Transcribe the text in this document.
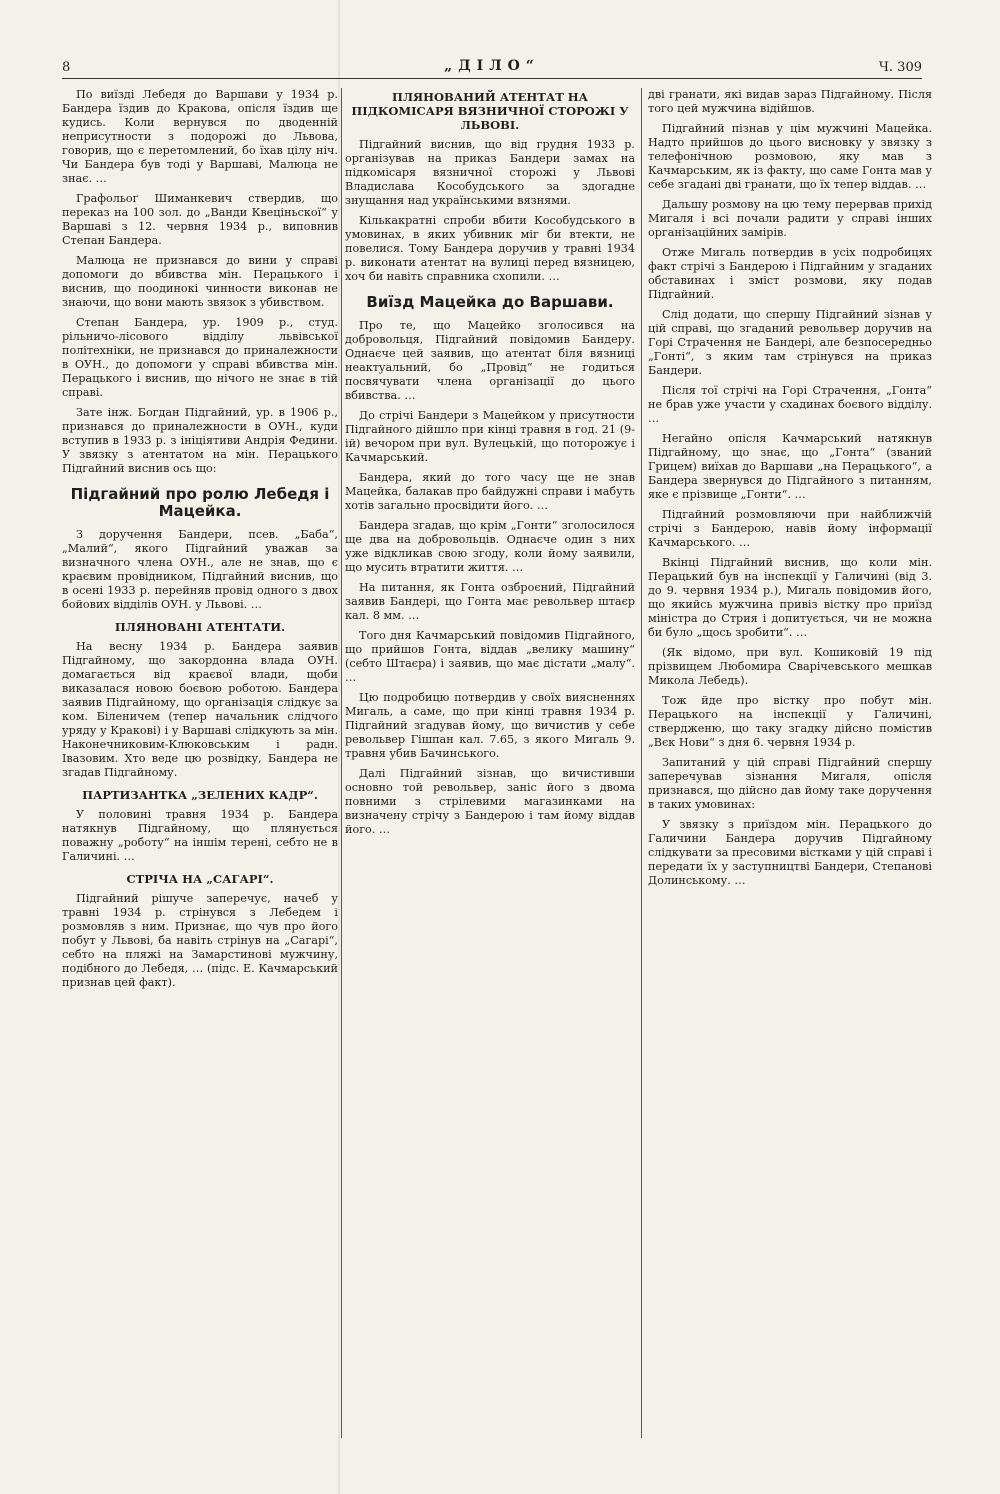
8	„ДІЛО“	Ч. 309

По виїзді Лебедя до Варшави у 1934 р. Бандера їздив до Кракова, опісля їздив ще кудись. Коли вернувся по дводенній неприсутности з подорожі до Львова, говорив, що є перетомлений, бо їхав цілу ніч. Чи Бандера був тоді у Варшаві, Малюца не знає. …

Графольоґ Шиманкевич ствердив, що переказ на 100 зол. до „Ванди Квеціньскої“ у Варшаві з 12. червня 1934 р., виповнив Степан Бандера.

Малюца не признався до вини у справі допомоги до вбивства мін. Перацького і виснив, що поодинокі чинности виконав не знаючи, що вони мають звязок з убивством.

Степан Бандера, ур. 1909 р., студ. рільничо-лісового відділу львівської політехніки, не признався до приналежности в ОУН., до допомоги у справі вбивства мін. Перацького і виснив, що нічого не знає в тій справі.

Зате інж. Богдан Підгайний, ур. в 1906 р., признався до приналежности в ОУН., куди вступив в 1933 р. з ініціятиви Андрія Федини. У звязку з атентатом на мін. Перацького Підгайний виснив ось що:

Підгайний про ролю Лебедя і Мацейка.

З доручення Бандери, псев. „Баба“, „Малий“, якого Підгайний уважав за визначного члена ОУН., але не знав, що є краєвим провідником, Підгайний виснив, що в осені 1933 р. перейняв провід одного з двох бойових відділів ОУН. у Львові. …

ПЛЯНОВАНІ АТЕНТАТИ.

На весну 1934 р. Бандера заявив Підгайному, що закордонна влада ОУН. домагається від краєвої влади, щоби виказалася новою боєвою роботою. Бандера заявив Підгайному, що організація слідкує за ком. Біленичем (тепер начальник слідчого уряду у Кракові) і у Варшаві слідкують за мін. Наконечниковим-Клюковським і радн. Івазовим. Хто веде цю розвідку, Бандера не згадав Підгайному.

ПАРТИЗАНТКА „ЗЕЛЕНИХ КАДР“.

У половині травня 1934 р. Бандера натякнув Підгайному, що плянується поважну „роботу“ на іншім терені, себто не в Галичині. …

СТРІЧА НА „САГАРІ“.

Підгайний рішуче заперечує, начеб у травні 1934 р. стрінувся з Лебедем і розмовляв з ним. Признає, що чув про його побут у Львові, ба навіть стрінув на „Сагарі“, себто на пляжі на Замарстинові мужчину, подібного до Лебедя, … (підс. Е. Качмарський признав цей факт).

ПЛЯНОВАНИЙ АТЕНТАТ НА ПІДКОМІСАРЯ ВЯЗНИЧНОЇ СТОРОЖІ У ЛЬВОВІ.

Підгайний виснив, що від грудня 1933 р. організував на приказ Бандери замах на підкомісаря вязничної сторожі у Львові Владислава Кособудського за здогадне знущання над українськими вязнями.

Кількакратні спроби вбити Кособудського в умовинах, в яких убивник міг би втекти, не повелися. Тому Бандера доручив у травні 1934 р. виконати атентат на вулиці перед вязницею, хоч би навіть справника схопили. …

Виїзд Мацейка до Варшави.

Про те, що Мацейко зголосився на добровольця, Підгайний повідомив Бандеру. Однаєче цей заявив, що атентат біля вязниці неактуальний, бо „Провід“ не годиться посвячувати члена організації до цього вбивства. …

До стрічі Бандери з Мацейком у присутности Підгайного дійшло при кінці травня в год. 21 (9-ій) вечором при вул. Вулецькій, що поторожує і Качмарський.

Бандера, який до того часу ще не знав Мацейка, балакав про байдужні справи і мабуть хотів загально просвідити його. …

Бандера згадав, що крім „Гонти“ зголосилося ще два на добровольців. Однаєче один з них уже відкликав свою згоду, коли йому заявили, що мусить втратити життя. …

На питання, як Гонта озброєний, Підгайний заявив Бандері, що Гонта має револьвер штаєр кал. 8 мм. …

Того дня Качмарський повідомив Підгайного, що прийшов Гонта, віддав „велику машину“ (себто Штаєра) і заявив, що має дістати „малу“. …

Цю подробицю потвердив у своїх виясненнях Мигаль, а саме, що при кінці травня 1934 р. Підгайний згадував йому, що вичистив у себе револьвер Гішпан кал. 7.65, з якого Мигаль 9. травня убив Бачинського.

Далі Підгайний зізнав, що вичистивши основно той револьвер, заніс його з двома повними з стрілевими магазинками на визначену стрічу з Бандерою і там йому віддав його. …

дві гранати, які видав зараз Підгайному. Після того цей мужчина відійшов.

Підгайний пізнав у цім мужчині Мацейка. Надто прийшов до цього висновку у звязку з телефонічною розмовою, яку мав з Качмарським, як із факту, що саме Гонта мав у себе згадані дві гранати, що їх тепер віддав. …

Дальшу розмову на цю тему перервав прихід Мигаля і всі почали радити у справі інших організаційних замірів.

Отже Мигаль потвердив в усіх подробицях факт стрічі з Бандерою і Підгайним у згаданих обставинах і зміст розмови, яку подав Підгайний.

Слід додати, що спершу Підгайний зізнав у цій справі, що згаданий револьвер доручив на Горі Страчення не Бандері, але безпосередньо „Гонті“, з яким там стрінувся на приказ Бандери.

Після тої стрічі на Горі Страчення, „Гонта“ не брав уже участи у схадинах боєвого відділу. …

Негайно опісля Качмарський натякнув Підгайному, що знає, що „Гонта“ (званий Грицем) виїхав до Варшави „на Перацького“, а Бандера звернувся до Підгайного з питанням, яке є прізвище „Гонти“. …

Підгайний розмовляючи при найближчій стрічі з Бандерою, навів йому інформації Качмарського. …

Вкінці Підгайний виснив, що коли мін. Перацький був на інспекції у Галичині (від 3. до 9. червня 1934 р.), Мигаль повідомив його, що якийсь мужчина привіз вістку про приїзд міністра до Стрия і допитується, чи не можна би було „щось зробити“. …

(Як відомо, при вул. Кошиковій 19 під прізвищем Любомира Сварічевського мешкав Микола Лебедь).

Тож йде про вістку про побут мін. Перацького на інспекції у Галичині, ствердженю, що таку згадку дійсно помістив „Вєк Нови“ з дня 6. червня 1934 р.

Запитаний у цій справі Підгайний спершу заперечував зізнання Мигаля, опісля признався, що дійсно дав йому таке доручення в таких умовинах:

У звязку з приїздом мін. Перацького до Галичини Бандера доручив Підгайному слідкувати за пресовими вістками у цій справі і передати їх у заступництві Бандери, Степанові Долинському. …
